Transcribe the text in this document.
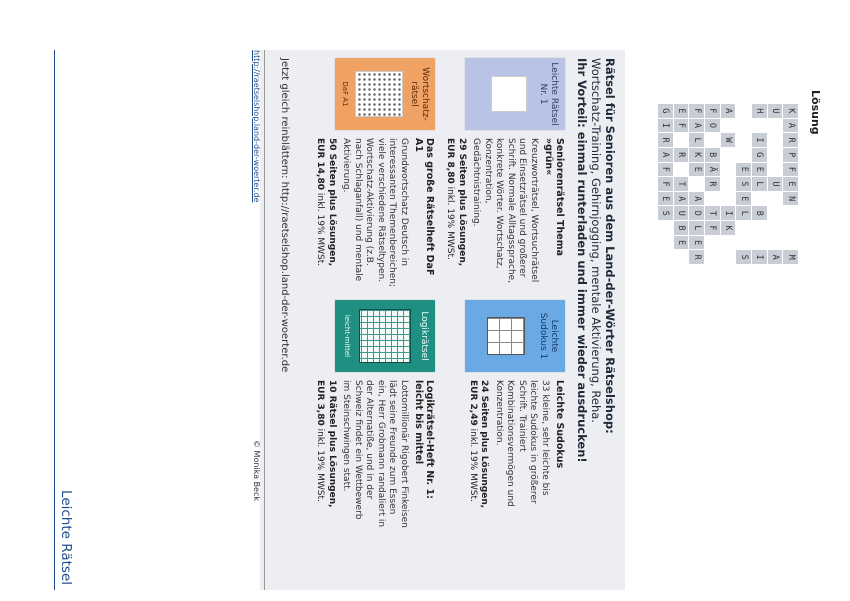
Leichte Rätsel
Lösung
K
A
R
P
F
E
N
M
U
U
A
H
I
G
E
L
B
I
E
S
E
L
S
A
W
I
K
F
O
B
Ä
R
T
F
F
A
L
K
E
A
D
L
E
R
E
F
R
T
A
U
B
E
G
I
R
A
F
F
E
S
Rätsel für Senioren aus dem Land-der-Wörter Rätselshop:
Wortschatz-Training, Gehirnjogging, mentale Aktivierung, Reha.
Ihr Vorteil: einmal runterladen und immer wieder ausdrucken!
Leichte Rätsel Nr. 1
Seniorenrätsel Thema »grün«
Kreuzworträtsel, Wortsuchrätsel und Einsetzrätsel und großerer Schrift. Normale Alltagssprache, konkrete Wörter. Wortschatz, Konzentration, Gedächtnistraining.
29 Seiten plus Lösungen, EUR 8,80 inkl. 19% MWSt.
Leichte Sudokus 1
Leichte Sudokus
33 kleine, sehr leichte bis leichte Sudokus in größerer Schrift. Trainiert Kombinationsvermögen und Konzentration.
24 Seiten plus Lösungen, EUR 2,49 inkl. 19% MWSt.
Wortschatz-rätsel
DaF A1
Das große Rätselheft DaF A1
Grundwortschatz Deutsch in interessanten Themenbereichen; viele verschiedene Rätseltypen. Wortschatz-Aktivierung (z.B. nach Schlaganfall) und mentale Aktivierung.
50 Seiten plus Lösungen, EUR 14,80 inkl. 19% MWSt.
Logikrätsel
leicht-mittel
Logikrätsel-Heft Nr. 1: leicht bis mittel
Lottomillionär Rigobert Finkeisen lädt seine Freunde zum Essen ein, Herr Grobmann randaliert in der Alternatiße, und in der Schweiz findet ein Wettbewerb im Steinschwingen statt.
10 Rätsel plus Lösungen, EUR 3,80 inkl. 19% MWSt.
Jetzt gleich reinblättern: http://raetselshop.land-der-woerter.de
http://raetselshop.land-der-woerter.de
© Monika Beck
